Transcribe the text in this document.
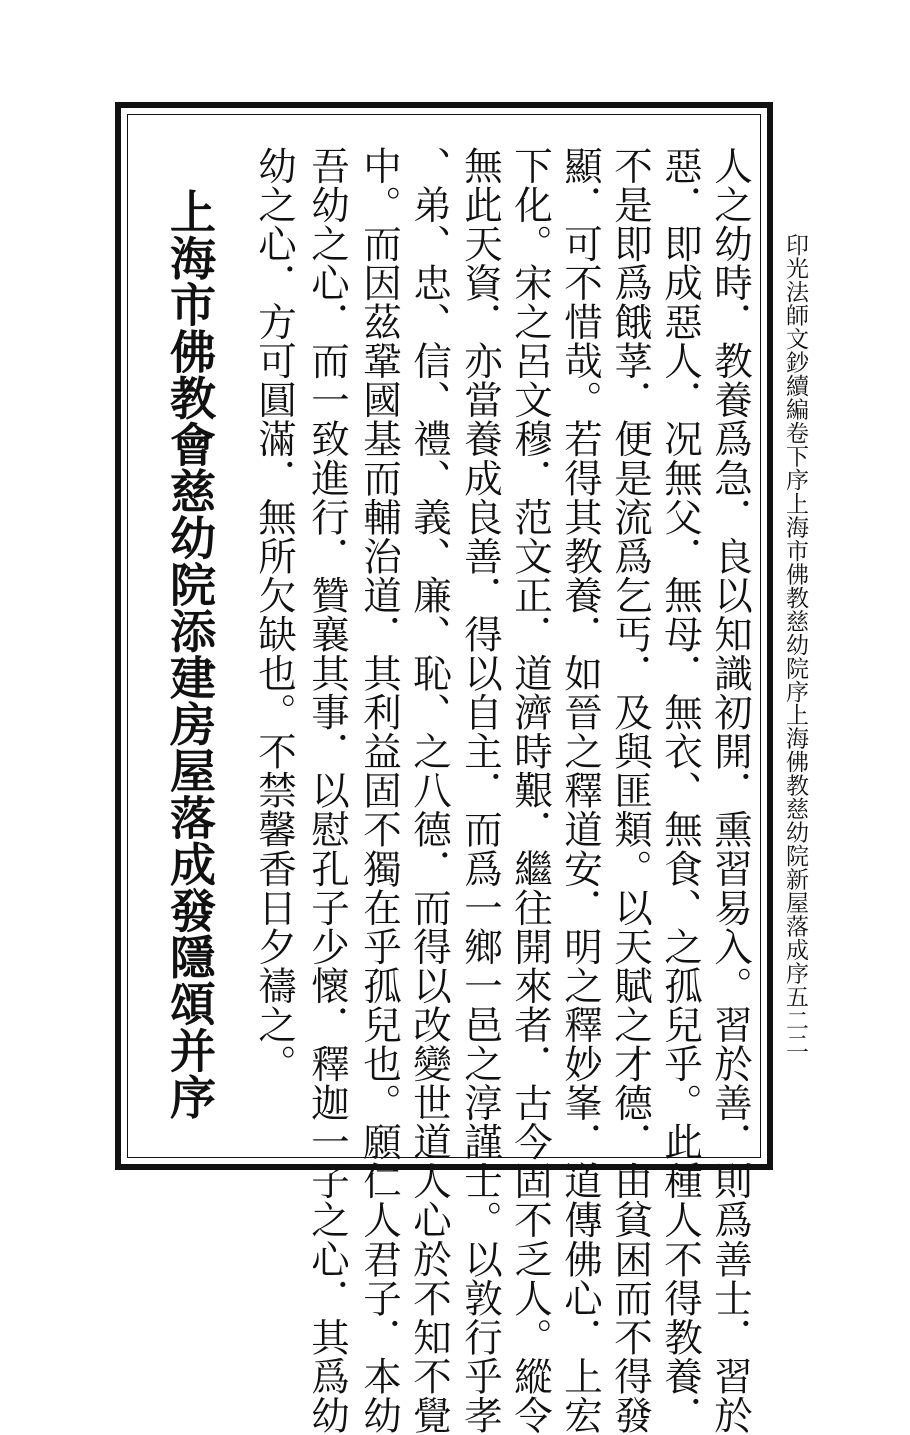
印光法師文鈔續編卷下序上海市佛教慈幼院序上海佛教慈幼院新屋落成序五二二
人之幼時．教養爲急．良以知識初開．熏習易入。習於善．則爲善士．習於
惡．即成惡人．况無父．無母．無衣、無食、之孤兒乎。此種人不得教養．
不是即爲餓莩．便是流爲乞丐．及與匪類。以天賦之才德．由貧困而不得發
顯．可不惜哉。若得其教養．如晉之釋道安．明之釋妙峯．道傳佛心．上宏
下化。宋之呂文穆．范文正．道濟時艱．繼往開來者．古今固不乏人。縱令
無此天資．亦當養成良善．得以自主．而爲一鄉一邑之淳謹士。以敦行乎孝
、弟、忠、信、禮、義、廉、恥、之八德．而得以改變世道人心於不知不覺
中。而因茲鞏國基而輔治道．其利益固不獨在乎孤兒也。願仁人君子．本幼
吾幼之心．而一致進行．贊襄其事．以慰孔子少懷．釋迦一子之心．其爲幼
幼之心．方可圓滿．無所欠缺也。不禁馨香日夕禱之。
上海市佛教會慈幼院添建房屋落成發隱頌并序
